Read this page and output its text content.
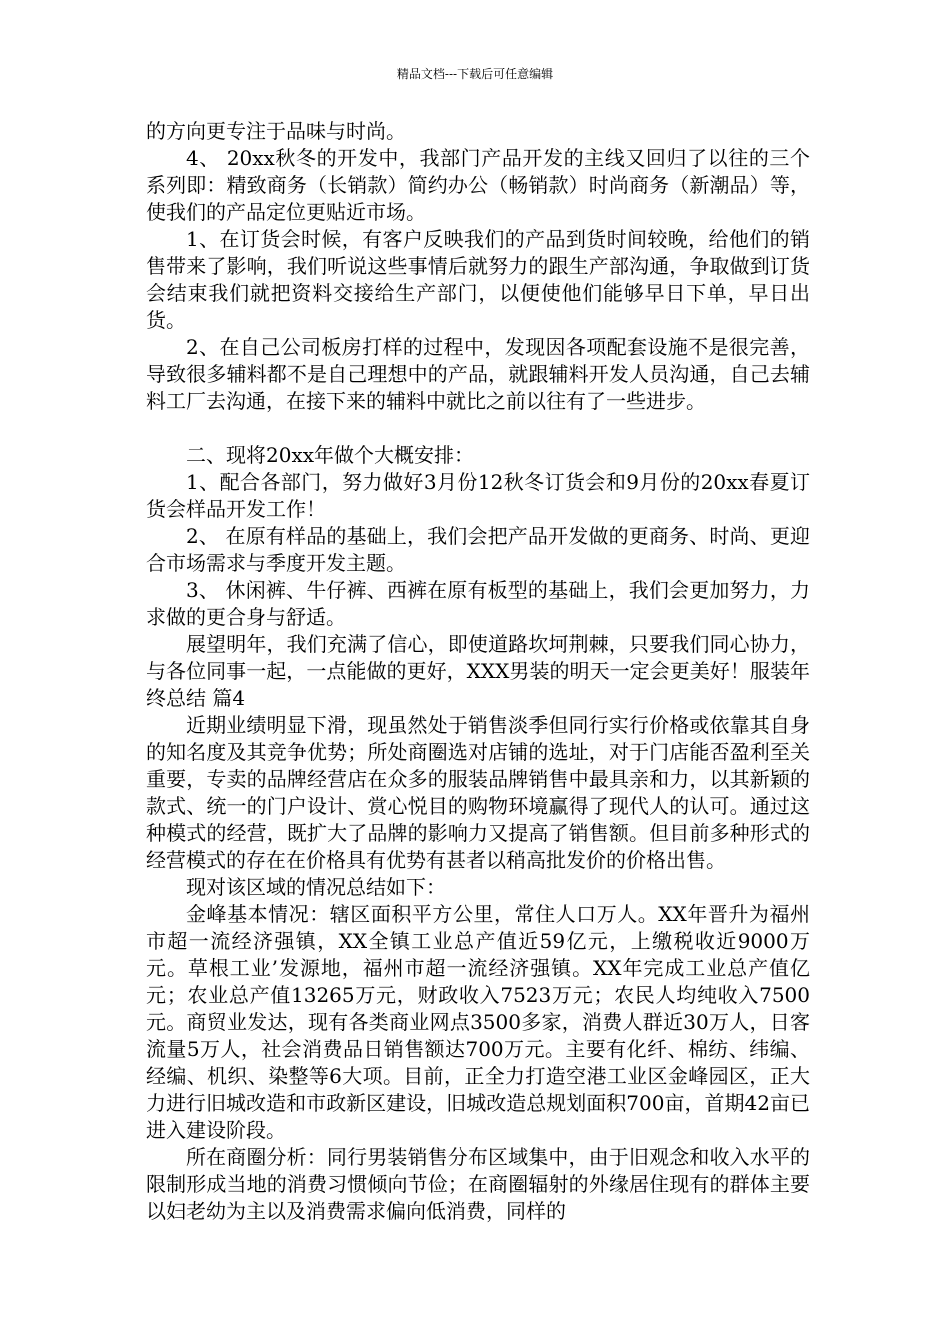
精品文档---下载后可任意编辑

的方向更专注于品味与时尚。

4、 20xx秋冬的开发中，我部门产品开发的主线又回归了以往的三个系列即：精致商务（长销款）简约办公（畅销款）时尚商务（新潮品）等，使我们的产品定位更贴近市场。

1、在订货会时候，有客户反映我们的产品到货时间较晚，给他们的销售带来了影响，我们听说这些事情后就努力的跟生产部沟通，争取做到订货会结束我们就把资料交接给生产部门，以便使他们能够早日下单，早日出货。

2、在自己公司板房打样的过程中，发现因各项配套设施不是很完善，导致很多辅料都不是自己理想中的产品，就跟辅料开发人员沟通，自己去辅料工厂去沟通，在接下来的辅料中就比之前以往有了一些进步。

二、现将20xx年做个大概安排：

1、配合各部门，努力做好3月份12秋冬订货会和9月份的20xx春夏订货会样品开发工作！

2、 在原有样品的基础上，我们会把产品开发做的更商务、时尚、更迎合市场需求与季度开发主题。

3、 休闲裤、牛仔裤、西裤在原有板型的基础上，我们会更加努力，力求做的更合身与舒适。

展望明年，我们充满了信心，即使道路坎坷荆棘，只要我们同心协力，与各位同事一起，一点能做的更好，XXX男装的明天一定会更美好！服装年终总结 篇4

近期业绩明显下滑，现虽然处于销售淡季但同行实行价格或依靠其自身的知名度及其竞争优势；所处商圈选对店铺的选址，对于门店能否盈利至关重要，专卖的品牌经营店在众多的服装品牌销售中最具亲和力，以其新颖的款式、统一的门户设计、赏心悦目的购物环境赢得了现代人的认可。通过这种模式的经营，既扩大了品牌的影响力又提高了销售额。但目前多种形式的经营模式的存在在价格具有优势有甚者以稍高批发价的价格出售。

现对该区域的情况总结如下：

金峰基本情况：辖区面积平方公里，常住人口万人。XX年晋升为福州市超一流经济强镇，XX全镇工业总产值近59亿元，上缴税收近9000万元。草根工业’发源地，福州市超一流经济强镇。XX年完成工业总产值亿元；农业总产值13265万元，财政收入7523万元；农民人均纯收入7500元。商贸业发达，现有各类商业网点3500多家，消费人群近30万人，日客流量5万人，社会消费品日销售额达700万元。主要有化纤、棉纺、纬编、经编、机织、染整等6大项。目前，正全力打造空港工业区金峰园区，正大力进行旧城改造和市政新区建设，旧城改造总规划面积700亩，首期42亩已进入建设阶段。

所在商圈分析：同行男装销售分布区域集中，由于旧观念和收入水平的限制形成当地的消费习惯倾向节俭；在商圈辐射的外缘居住现有的群体主要以妇老幼为主以及消费需求偏向低消费，同样的
